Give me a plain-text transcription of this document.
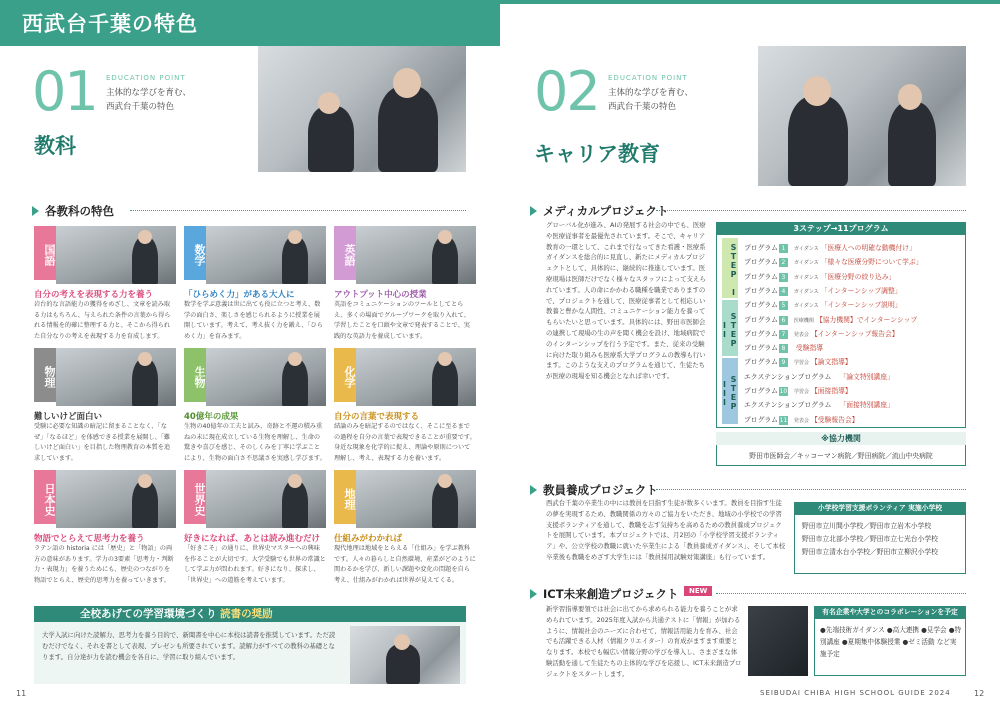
西武台千葉の特色
01 EDUCATION POINT
主体的な学びを育む、
西武台千葉の特色
教科
各教科の特色
国語
自分の考えを表現する力を養う
岩台的な言語能力の獲得をめざし、文章を読み取る力はもちろん、与えられた条件の言葉から得られる情報を的確に整理する力と、そこから得られた自分なりの考えを表現する力を育成します。
数学
「ひらめく力」がある大人に
数学を学ぶ意義は世に出ても役に立つと考え、数学の面白さ、楽しさを感じられるように授業を展開しています。考えて、考え抜く力を鍛え、「ひらめく力」を育みます。
英語
アウトプット中心の授業
英語をコミュニケーションのツールとしてとらえ、多くの場面でグループワークを取り入れて、学習したことを口頭や文章で発表することで、実践的な英語力を養成しています。
物理
難しいけど面白い
受験に必要な知識の暗記に留まることなく、「なぜ」「なるほど」を体感できる授業を展開し、「難しいけど面白い」を目指した物理教育の本質を追求しています。
生物
40億年の成果
生物の40億年の工夫と試み、奇跡と不運の積み重ねの末に現在成立している生物を理解し、生命の驚きや喜びを感じ、そのしくみを丁寧に学ぶことにより、生物の面白さ不思議さを実感し学びます。
化学
自分の言葉で表現する
結論のみを暗記するのではなく、そこに至るまでの過程を自分の言葉で表現できることが重要です。身近な現象を化学的に捉え、理論や原則について理解し、考え、表現する力を養います。
日本史
物語でとらえて思考力を養う
ラテン語の historia には「歴史」と「物語」の両方の意味があります。学力の3要素「思考力・判断力・表現力」を養うためにも、歴史のつながりを物語でとらえ、歴史的思考力を養っていきます。
世界史
好きになれば、あとは読み進むだけ
「好きこそ」の通りに、世界史マスターへの興味を作ることが大切です。大学受験でも世界の常識として学ぶ力が問われます。好きになり、探求し、「世界史」への道筋を考えています。
地理
仕組みがわかれば
現代地理は地域をとらえる「仕組み」を学ぶ教科です。人々の暮らしと自然環境、産業がどのように関わるかを学び、新しい課題や変化の問題を自ら考え、仕組みがわかれば世界が見えてくる。
全校あげての学習環境づくり 読書の奨励
大学入試に向けた読解力、思考力を養う目的で、新聞書を中心に本校は読書を推奨しています。ただ読むだけでなく、それを書として表現、プレゼンも所要されています。読解力がすべての教科の基礎となります。自分達が力を読む機会を各自に、学習に取り組んでいます。
11
02 EDUCATION POINT
主体的な学びを育む、
西武台千葉の特色
キャリア教育
メディカルプロジェクト
グローバル化が進み、AIの発展する社会の中でも、医療や医療従事者を最優先されています。そこで、キャリア教育の一環として、これまで行なってきた看護・医療系ガイダンスを総合的に見直し、新たにメディカルプロジェクトとして、具体的に、継続的に推進しています。医療現場は医師だけでなく様々なスタッフによって支えられています。人の命にかかわる職種を職業でありますので、プロジェクトを通して、医療従事者として相応しい教養と豊かな人間性、コミュニケーション能力を養ってもらいたいと思っています。具体的には、野田市医師会の連携して現場の生の声を聞く機会を設け、地域病院でのインターンシップを行う予定です。また、従来の受験に向けた取り組みも医療系大学プログラムの教導も行います。このような支えのプログラムを通じて、生徒たちが医療の現場を知る機会となれば幸いです。
3ステップ→11プログラム
STEP I
STEP II
STEP III
プログラム 1 ガイダンス 「医療人への明確な動機付け」
プログラム 2 ガイダンス 「様々な医療分野について学ぶ」
プログラム 3 ガイダンス 「医療分野の絞り込み」
プログラム 4 ガイダンス 「インターンシップ調整」
プログラム 5 ガイダンス 「インターンシップ説明」
プログラム 6 医療機関 【協力機関】でインターンシップ
プログラム 7 発表会 【インターンシップ報告会】
プログラム 8 受験指導
プログラム 9 学習会 【論文指導】
エクステンションプログラム 「論文特別講座」
プログラム 10 学習会 【面接指導】
エクステンションプログラム 「面接特別講座」
プログラム 11 発表会 【受験報告会】
※協力機関
野田市医師会／キッコーマン病院／野田病院／流山中央病院
教員養成プロジェクト
西武台千葉の卒業生の中には教員を目指す生徒が数多くいます。教員を目指す生徒の夢を実現するため、教職関係の方々のご協力をいただき、地域の小学校での学習支援ボランティアを通して、教職を志す気持ちを高めるための教員養成プロジェクトを展開しています。本プロジェクトでは、月2回の「小学校学習支援ボランティア」や、公立学校の教職に就いた卒業生による「教員養成ガイダンス」、そして本校卒業後も教職をめざす大学生には「教員採用試験対策講座」も行っています。
小学校学習支援ボランティア 実施小学校
野田市立川間小学校／野田市立岩木小学校
野田市立北部小学校／野田市立七光台小学校
野田市立清水台小学校／野田市立柳沢小学校
ICT未来創造プロジェクト	NEW
新学習指導要領では社会に出てから求められる能力を養うことが求められています。2025年度入試から共通テストに「情報」が加わるように、情報社会のニーズに合わせて、情報活用能力を育み、社会でも活躍できる人材（情報クリエイター）の育成がますます重要となります。本校でも幅広い情報分野の学びを導入し、さまざまな体験活動を通して生徒たちの主体的な学びを応援し、ICT未来創造プロジェクトをスタートします。
有名企業や大学とのコラボレーションを予定
●先端技術ガイダンス ●高大連携 ●見学会 ●特別講座 ●夏期集中体験授業 ●ゼミ活動 など実施予定
SEIBUDAI CHIBA HIGH SCHOOL GUIDE 2024	12
